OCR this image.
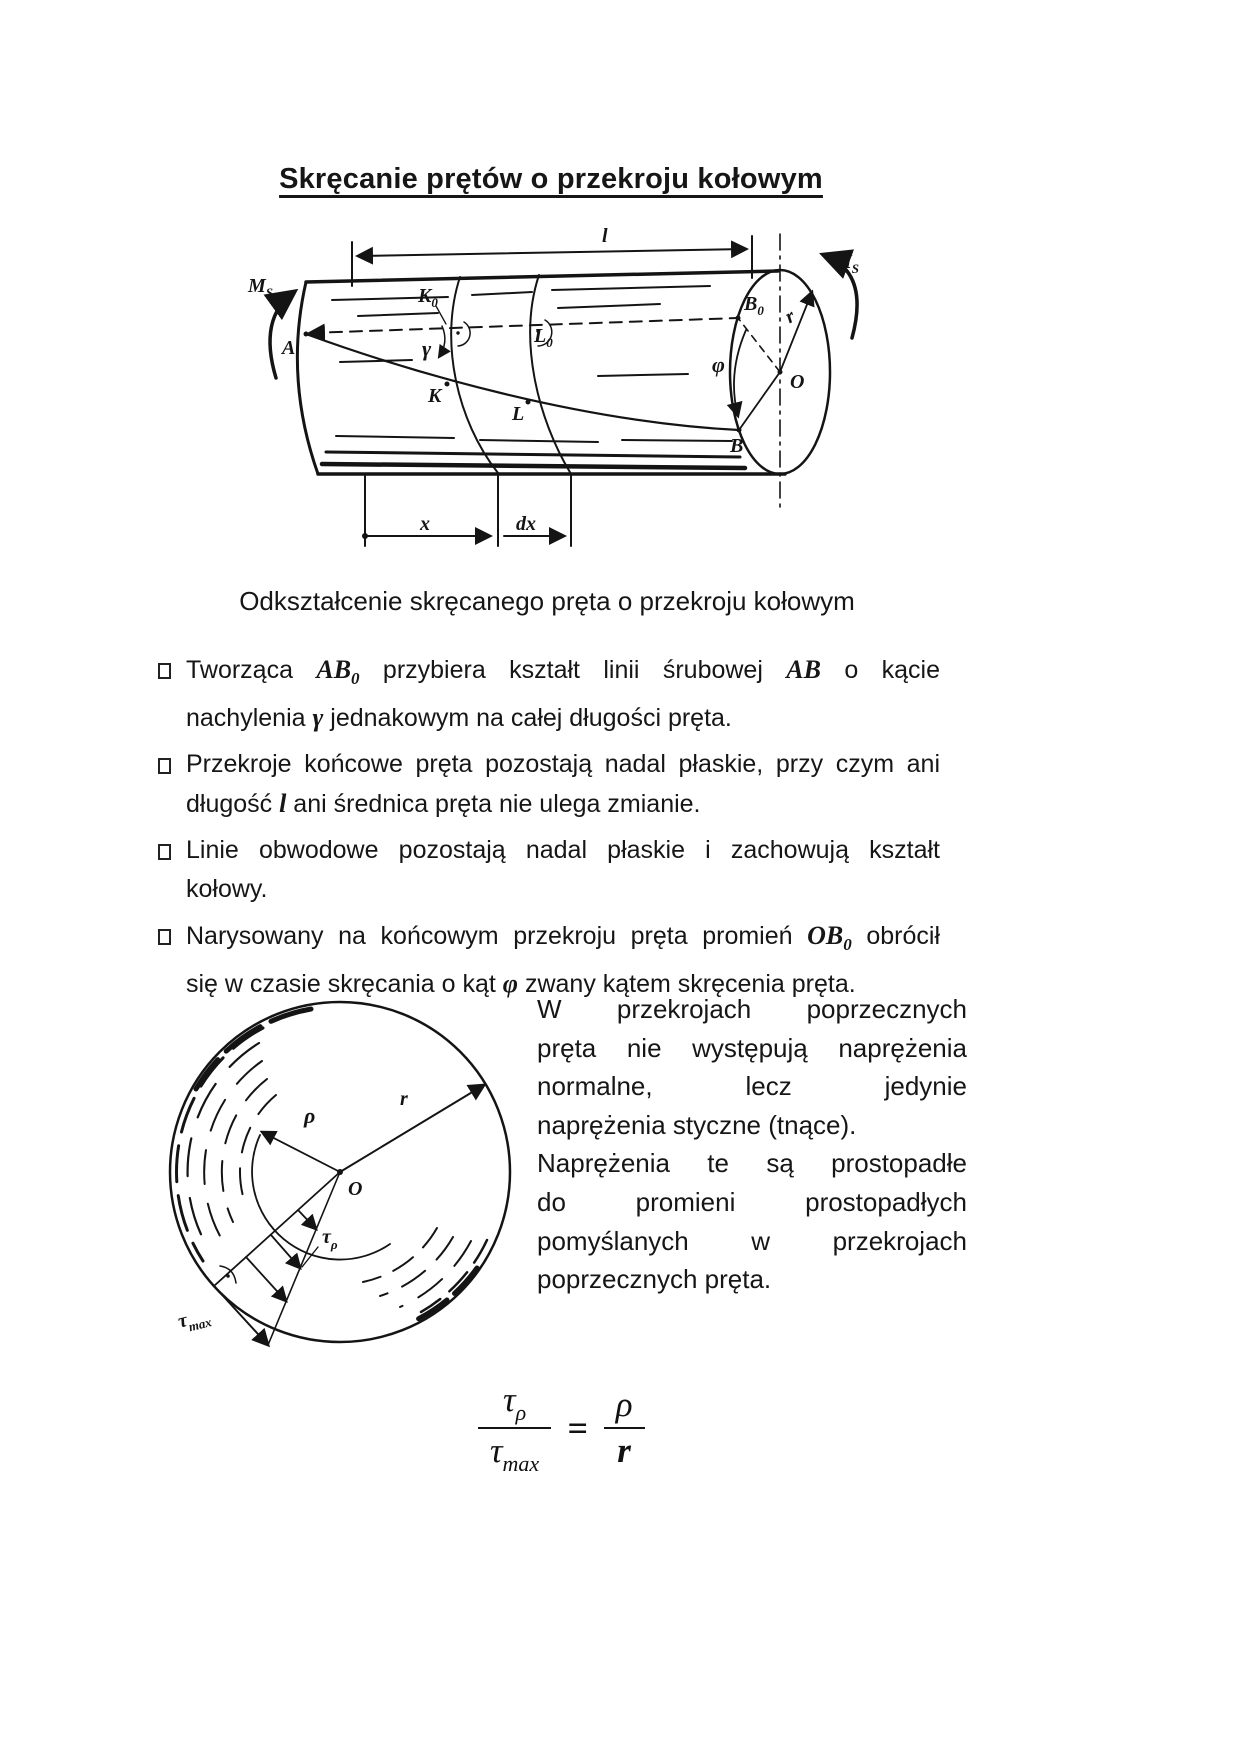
Skręcanie prętów o przekroju kołowym
$M_S$
$M_S$
l
A
$K_0$
γ
K
$L_0$
L
$B_0$
φ
B
O
r
x	dx
Odkształcenie skręcanego pręta o przekroju kołowym
Tworząca $AB_0$ przybiera kształt linii śrubowej AB o kącie
nachylenia γ jednakowym na całej długości pręta.
Przekroje końcowe pręta pozostają nadal płaskie, przy czym ani
długość l ani średnica pręta nie ulega zmianie.
Linie obwodowe pozostają nadal płaskie i zachowują kształt
kołowy.
Narysowany na końcowym przekroju pręta promień $OB_0$ obrócił
się w czasie skręcania o kąt φ zwany kątem skręcenia pręta.
r
ρ
O
$\tau_\rho$
$\tau_{max}$
W przekrojach poprzecznych
pręta nie występują naprężenia
normalne, lecz jedynie
naprężenia styczne (tnące).
Naprężenia te są prostopadłe
do promieni prostopadłych
pomyślanych w przekrojach
poprzecznych pręta.
$\frac{\tau_\rho}{\tau_{max}} = \frac{\rho}{r}$
